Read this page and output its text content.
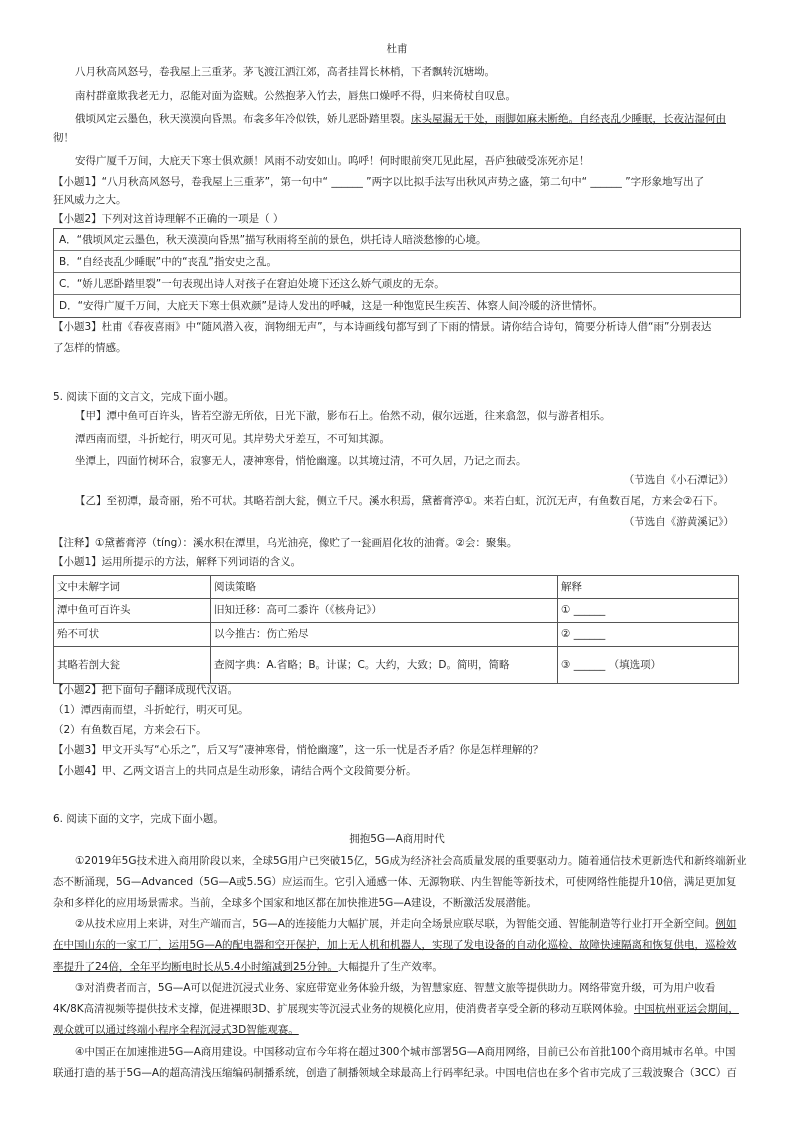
杜甫
八月秋高风怒号，卷我屋上三重茅。茅飞渡江洒江郊，高者挂罥长林梢，下者飘转沉塘坳。
南村群童欺我老无力，忍能对面为盗贼。公然抱茅入竹去，唇焦口燥呼不得，归来倚杖自叹息。
俄顷风定云墨色，秋天漠漠向昏黑。布衾多年冷似铁，娇儿恶卧踏里裂。床头屋漏无干处，雨脚如麻未断绝。自经丧乱少睡眠，长夜沾湿何由
彻！
安得广厦千万间，大庇天下寒士俱欢颜！风雨不动安如山。呜呼！何时眼前突兀见此屋，吾庐独破受冻死亦足！
【小题1】“八月秋高风怒号，卷我屋上三重茅”，第一句中“ ______ ”两字以比拟手法写出秋风声势之盛，第二句中“ ______ ”字形象地写出了
狂风威力之大。
【小题2】下列对这首诗理解不正确的一项是（ ）
A．“俄顷风定云墨色，秋天漠漠向昏黑”描写秋雨将至前的景色，烘托诗人暗淡愁惨的心境。
B．“自经丧乱少睡眠”中的“丧乱”指安史之乱。
C．“娇儿恶卧踏里裂”一句表现出诗人对孩子在窘迫处境下还这么娇气顽皮的无奈。
D．“安得广厦千万间，大庇天下寒士俱欢颜”是诗人发出的呼喊，这是一种饱览民生疾苦、体察人间冷暖的济世情怀。
【小题3】杜甫《春夜喜雨》中“随风潜入夜，润物细无声”，与本诗画线句都写到了下雨的情景。请你结合诗句，简要分析诗人借“雨”分别表达
了怎样的情感。
5. 阅读下面的文言文，完成下面小题。
【甲】潭中鱼可百许头，皆若空游无所依，日光下澈，影布石上。佁然不动，俶尔远逝，往来翕忽，似与游者相乐。
潭西南而望，斗折蛇行，明灭可见。其岸势犬牙差互，不可知其源。
坐潭上，四面竹树环合，寂寥无人，凄神寒骨，悄怆幽邃。以其境过清，不可久居，乃记之而去。
（节选自《小石潭记》）
【乙】至初潭，最奇丽，殆不可状。其略若剖大瓮，侧立千尺。溪水积焉，黛蓄膏渟①。来若白虹，沉沉无声，有鱼数百尾，方来会②石下。
（节选自《游黄溪记》）
【注释】①黛蓄膏渟（tíng）：溪水积在潭里，乌光油亮，像贮了一瓮画眉化妆的油膏。②会：聚集。
【小题1】运用所提示的方法，解释下列词语的含义。
文中未解字词	阅读策略	解释
潭中鱼可百许头	旧知迁移：高可二黍许（《核舟记》）	① ______
殆不可状	以今推古：伤亡殆尽	② ______
其略若剖大瓮	查阅字典：A.省略；B。计谋；C。大约，大致；D。简明，简略	③ ______ （填选项）
【小题2】把下面句子翻译成现代汉语。
（1）潭西南而望，斗折蛇行，明灭可见。
（2）有鱼数百尾，方来会石下。
【小题3】甲文开头写“心乐之”，后又写“凄神寒骨，悄怆幽邃”，这一乐一忧是否矛盾？你是怎样理解的？
【小题4】甲、乙两文语言上的共同点是生动形象，请结合两个文段简要分析。
6. 阅读下面的文字，完成下面小题。
拥抱5G—A商用时代
①2019年5G技术进入商用阶段以来，全球5G用户已突破15亿，5G成为经济社会高质量发展的重要驱动力。随着通信技术更新迭代和新终端新业
态不断涌现，5G—Advanced（5G—A或5.5G）应运而生。它引入通感一体、无源物联、内生智能等新技术，可使网络性能提升10倍，满足更加复
杂和多样化的应用场景需求。当前，全球多个国家和地区都在加快推进5G—A建设，不断激活发展潜能。
②从技术应用上来讲，对生产端而言，5G—A的连接能力大幅扩展，并走向全场景应联尽联，为智能交通、智能制造等行业打开全新空间。例如
在中国山东的一家工厂，运用5G—A的配电器和空开保护，加上无人机和机器人，实现了发电设备的自动化巡检、故障快速隔离和恢复供电，巡检效
率提升了24倍，全年平均断电时长从5.4小时缩减到25分钟。大幅提升了生产效率。
③对消费者而言，5G—A可以促进沉浸式业务、家庭带宽业务体验升级，为智慧家庭、智慧文旅等提供助力。网络带宽升级，可为用户收看
4K/8K高清视频等提供技术支撑，促进裸眼3D、扩展现实等沉浸式业务的规模化应用，使消费者享受全新的移动互联网体验。中国杭州亚运会期间，
观众就可以通过终端小程序全程沉浸式3D智能观赛。
④中国正在加速推进5G—A商用建设。中国移动宣布今年将在超过300个城市部署5G—A商用网络，目前已公布首批100个商用城市名单。中国
联通打造的基于5G—A的超高清浅压缩编码制播系统，创造了制播领域全球最高上行码率纪录。中国电信也在多个省市完成了三载波聚合（3CC）百
